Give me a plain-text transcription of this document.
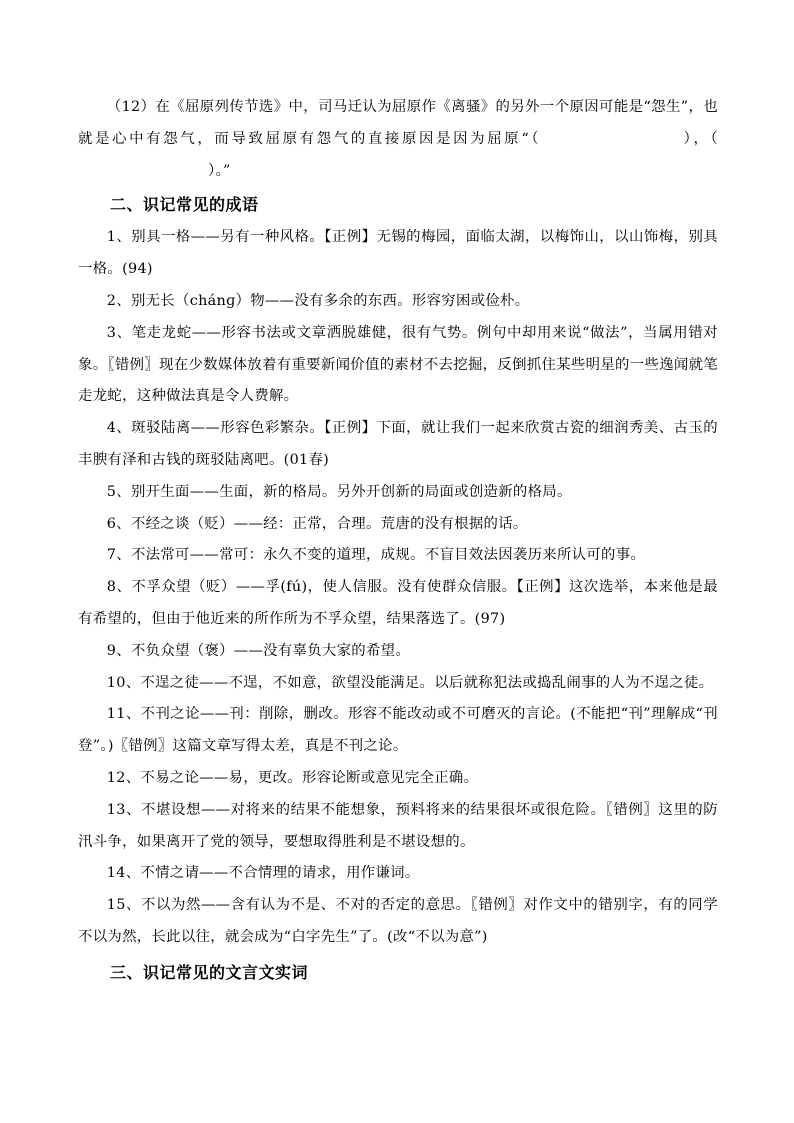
（12）在《屈原列传节选》中，司马迁认为屈原作《离骚》的另外一个原因可能是“怨生”，也就是心中有怨气，而导致屈原有怨气的直接原因是因为屈原“（	），（）。”

二、识记常见的成语

1、别具一格——另有一种风格。【正例】无锡的梅园，面临太湖，以梅饰山，以山饰梅，别具一格。(94)

2、别无长（chánɡ）物——没有多余的东西。形容穷困或俭朴。

3、笔走龙蛇——形容书法或文章洒脱雄健，很有气势。例句中却用来说“做法”，当属用错对象。〖错例〗现在少数媒体放着有重要新闻价值的素材不去挖掘，反倒抓住某些明星的一些逸闻就笔走龙蛇，这种做法真是令人费解。

4、斑驳陆离——形容色彩繁杂。【正例】下面，就让我们一起来欣赏古瓷的细润秀美、古玉的丰腴有泽和古钱的斑驳陆离吧。(01春)

5、别开生面——生面，新的格局。另外开创新的局面或创造新的格局。

6、不经之谈（贬）——经：正常，合理。荒唐的没有根据的话。

7、不法常可——常可：永久不变的道理，成规。不盲目效法因袭历来所认可的事。

8、不孚众望（贬）——孚(fú)，使人信服。没有使群众信服。【正例】这次选举，本来他是最有希望的，但由于他近来的所作所为不孚众望，结果落选了。(97)

9、不负众望（褒）——没有辜负大家的希望。

10、不逞之徒——不逞，不如意，欲望没能满足。以后就称犯法或捣乱闹事的人为不逞之徒。

11、不刊之论——刊：削除，删改。形容不能改动或不可磨灭的言论。(不能把“刊”理解成“刊登”。)〖错例〗这篇文章写得太差，真是不刊之论。

12、不易之论——易，更改。形容论断或意见完全正确。

13、不堪设想——对将来的结果不能想象，预料将来的结果很坏或很危险。〖错例〗这里的防汛斗争，如果离开了党的领导，要想取得胜利是不堪设想的。

14、不情之请——不合情理的请求，用作谦词。

15、不以为然——含有认为不是、不对的否定的意思。〖错例〗对作文中的错别字，有的同学不以为然，长此以往，就会成为“白字先生”了。(改“不以为意”)

三、识记常见的文言文实词
